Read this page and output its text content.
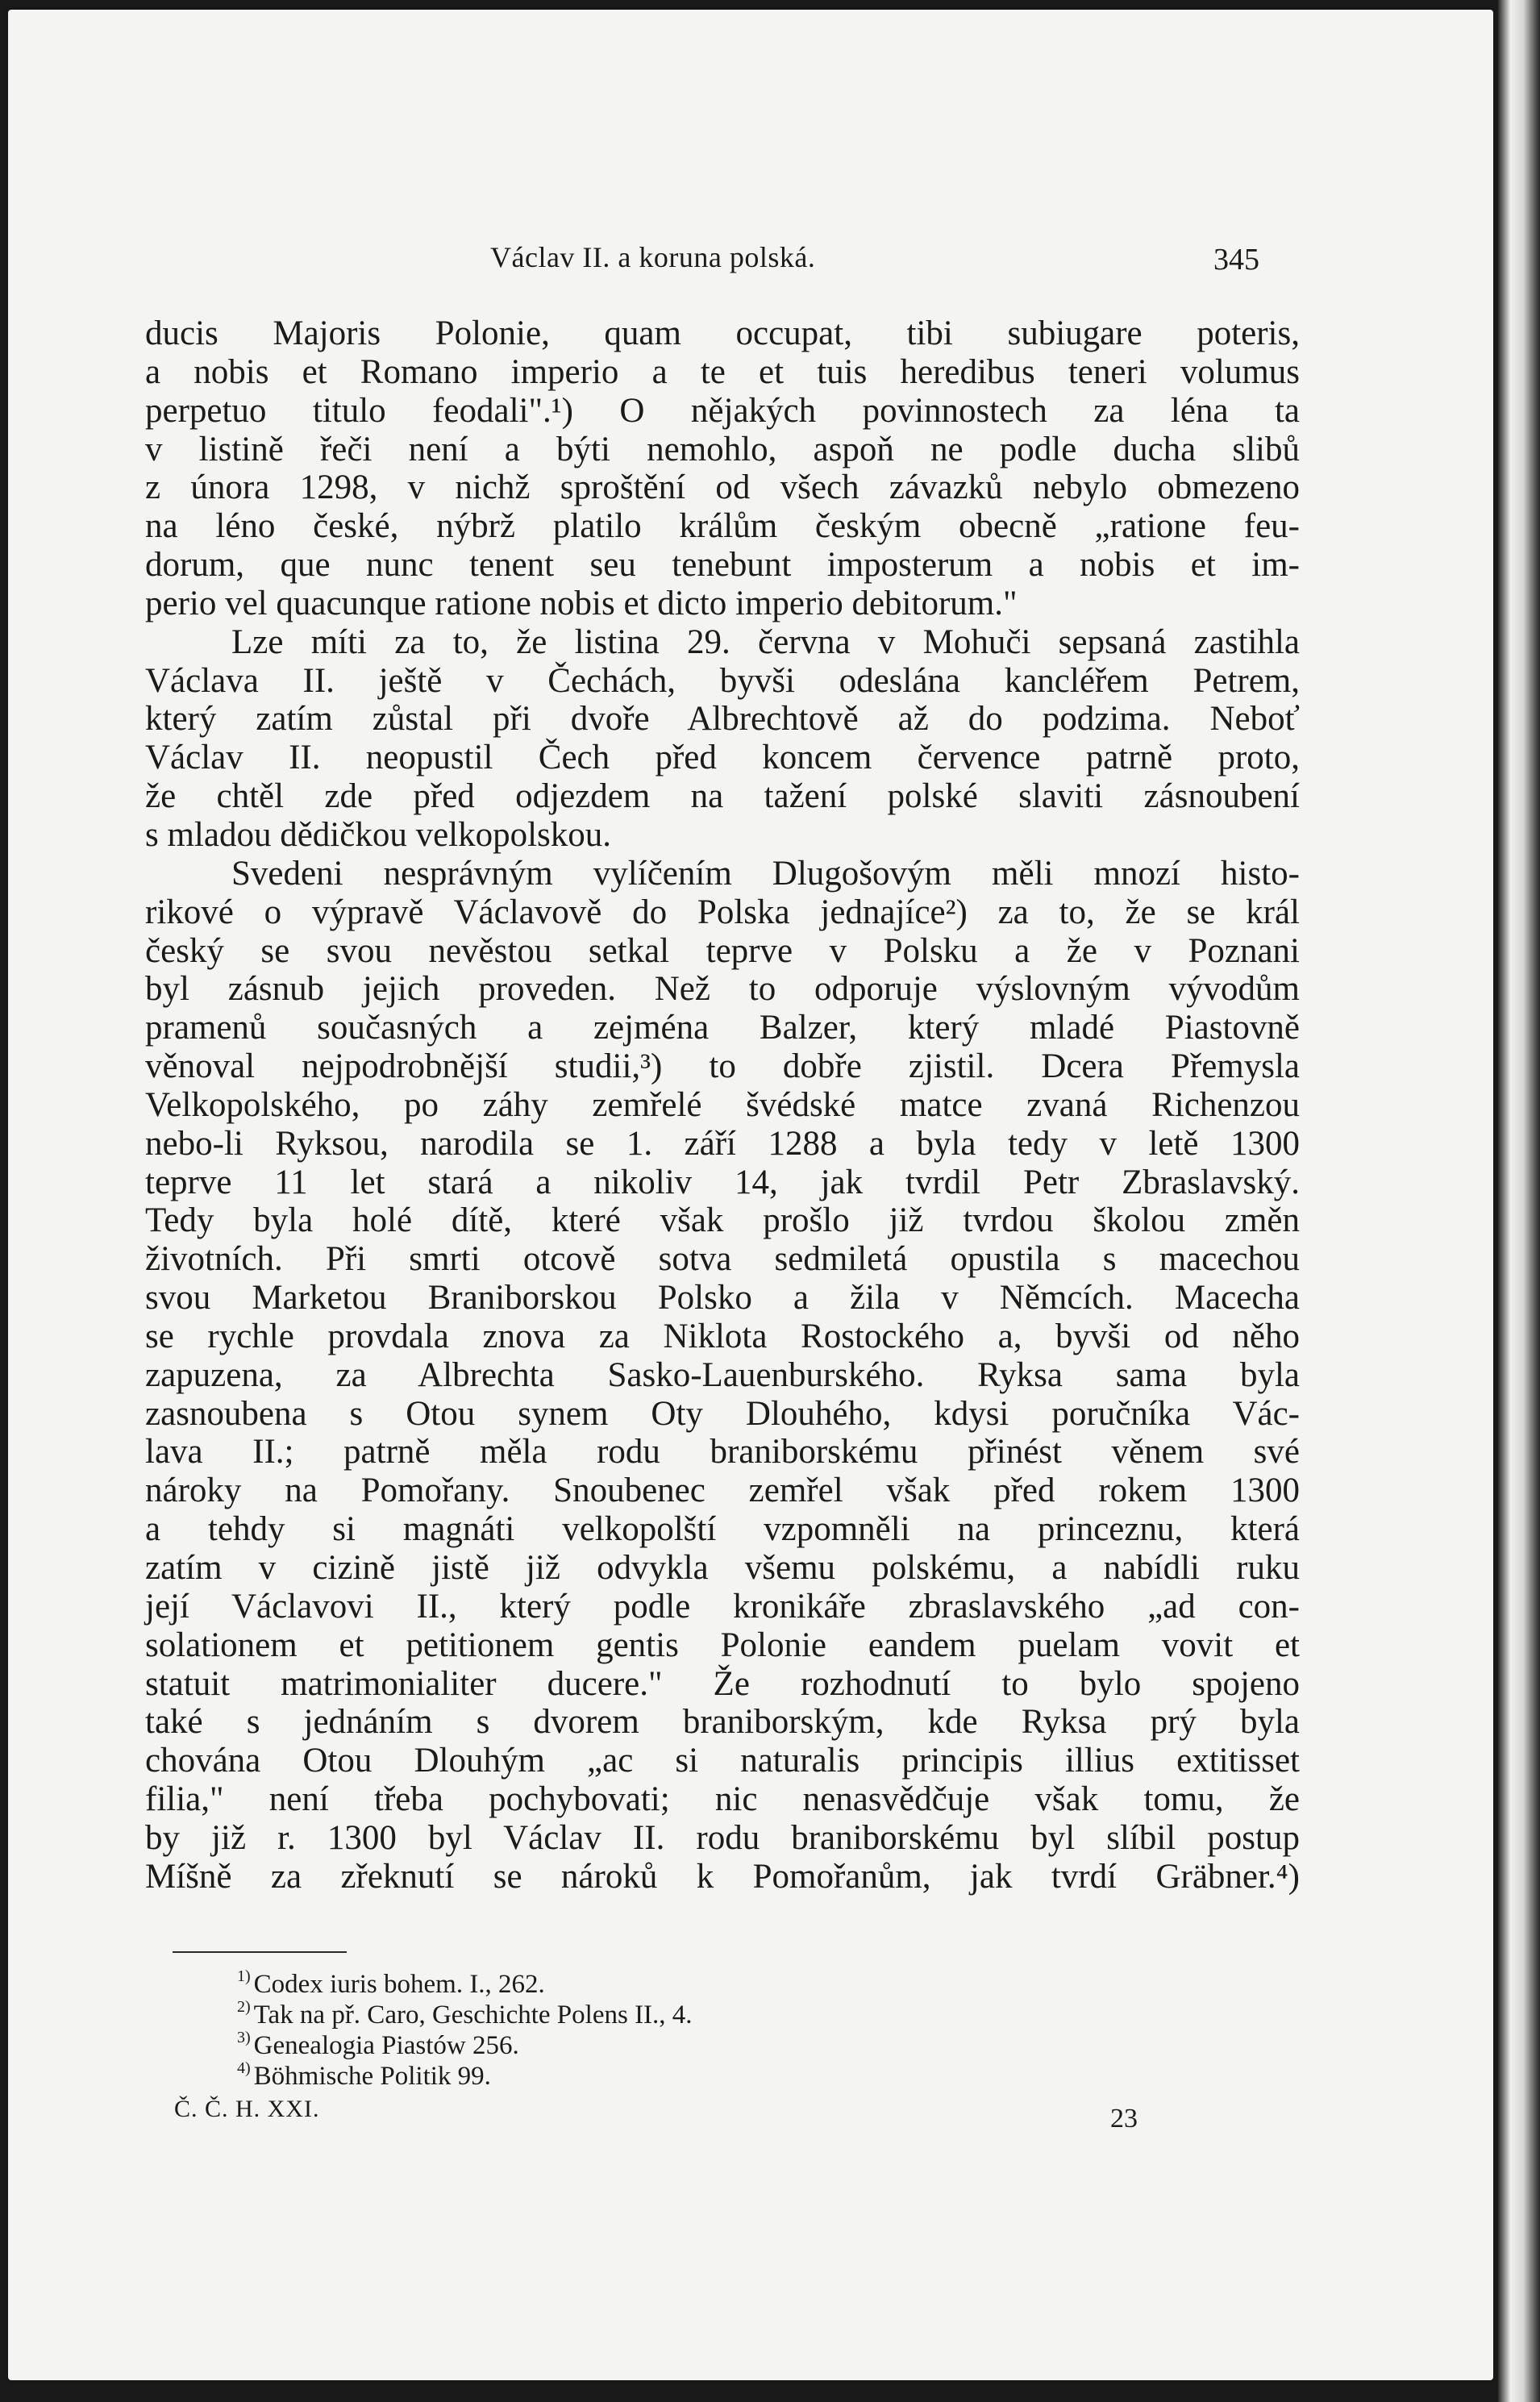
Václav II. a koruna polská.	345
ducis Majoris Polonie, quam occupat, tibi subiugare poteris,
a nobis et Romano imperio a te et tuis heredibus teneri volumus
perpetuo titulo feodali".¹) O nějakých povinnostech za léna ta
v listině řeči není a býti nemohlo, aspoň ne podle ducha slibů
z února 1298, v nichž sproštění od všech závazků nebylo obmezeno
na léno české, nýbrž platilo králům českým obecně „ratione feu-
dorum, que nunc tenent seu tenebunt imposterum a nobis et im-
perio vel quacunque ratione nobis et dicto imperio debitorum."
Lze míti za to, že listina 29. června v Mohuči sepsaná zastihla
Václava II. ještě v Čechách, byvši odeslána kancléřem Petrem,
který zatím zůstal při dvoře Albrechtově až do podzima. Neboť
Václav II. neopustil Čech před koncem července patrně proto,
že chtěl zde před odjezdem na tažení polské slaviti zásnoubení
s mladou dědičkou velkopolskou.
Svedeni nesprávným vylíčením Dlugošovým měli mnozí histo-
rikové o výpravě Václavově do Polska jednajíce²) za to, že se král
český se svou nevěstou setkal teprve v Polsku a že v Poznani
byl zásnub jejich proveden. Než to odporuje výslovným vývodům
pramenů současných a zejména Balzer, který mladé Piastovně
věnoval nejpodrobnější studii,³) to dobře zjistil. Dcera Přemysla
Velkopolského, po záhy zemřelé švédské matce zvaná Richenzou
nebo-li Ryksou, narodila se 1. září 1288 a byla tedy v letě 1300
teprve 11 let stará a nikoliv 14, jak tvrdil Petr Zbraslavský.
Tedy byla holé dítě, které však prošlo již tvrdou školou změn
životních. Při smrti otcově sotva sedmiletá opustila s macechou
svou Marketou Braniborskou Polsko a žila v Němcích. Macecha
se rychle provdala znova za Niklota Rostockého a, byvši od něho
zapuzena, za Albrechta Sasko-Lauenburského. Ryksa sama byla
zasnoubena s Otou synem Oty Dlouhého, kdysi poručníka Vác-
lava II.; patrně měla rodu braniborskému přinést věnem své
nároky na Pomořany. Snoubenec zemřel však před rokem 1300
a tehdy si magnáti velkopolští vzpomněli na princeznu, která
zatím v cizině jistě již odvykla všemu polskému, a nabídli ruku
její Václavovi II., který podle kronikáře zbraslavského „ad con-
solationem et petitionem gentis Polonie eandem puelam vovit et
statuit matrimonialiter ducere." Že rozhodnutí to bylo spojeno
také s jednáním s dvorem braniborským, kde Ryksa prý byla
chována Otou Dlouhým „ac si naturalis principis illius extitisset
filia," není třeba pochybovati; nic nenasvědčuje však tomu, že
by již r. 1300 byl Václav II. rodu braniborskému byl slíbil postup
Míšně za zřeknutí se nároků k Pomořanům, jak tvrdí Gräbner.⁴)
$^{1)}$ Codex iuris bohem. I., 262.
$^{2)}$ Tak na př. Caro, Geschichte Polens II., 4.
$^{3)}$ Genealogia Piastów 256.
$^{4)}$ Böhmische Politik 99.
Č. Č. H. XXI.	23
